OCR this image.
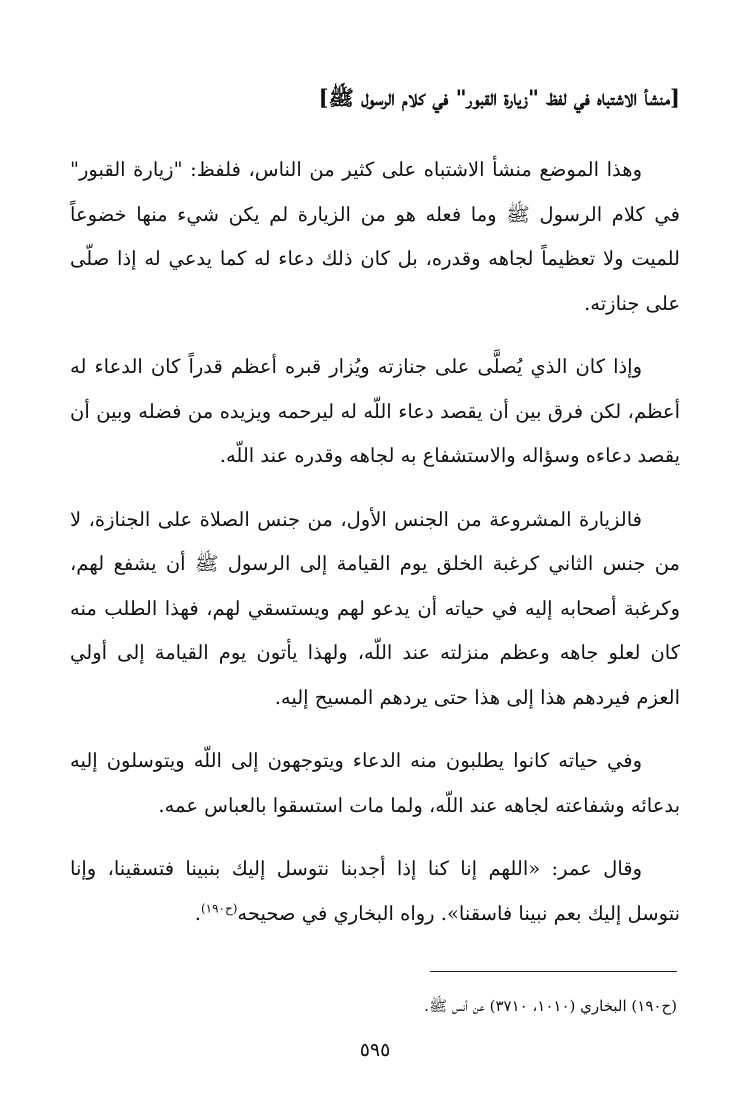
[منشأ الاشتباه في لفظ "زيارة القبور" في كلام الرسول ﷺ]

وهذا الموضع منشأ الاشتباه على كثير من الناس، فلفظ: "زيارة القبور" في كلام الرسول ﷺ وما فعله هو من الزيارة لم يكن شيء منها خضوعاً للميت ولا تعظيماً لجاهه وقدره، بل كان ذلك دعاء له كما يدعي له إذا صلّى على جنازته.

وإذا كان الذي يُصلَّى على جنازته ويُزار قبره أعظم قدراً كان الدعاء له أعظم، لكن فرق بين أن يقصد دعاء اللّه له ليرحمه ويزيده من فضله وبين أن يقصد دعاءه وسؤاله والاستشفاع به لجاهه وقدره عند اللّه.

فالزيارة المشروعة من الجنس الأول، من جنس الصلاة على الجنازة، لا من جنس الثاني كرغبة الخلق يوم القيامة إلى الرسول ﷺ أن يشفع لهم، وكرغبة أصحابه إليه في حياته أن يدعو لهم ويستسقي لهم، فهذا الطلب منه كان لعلو جاهه وعظم منزلته عند اللّه، ولهذا يأتون يوم القيامة إلى أولي العزم فيردهم هذا إلى هذا حتى يردهم المسيح إليه.

وفي حياته كانوا يطلبون منه الدعاء ويتوجهون إلى اللّه ويتوسلون إليه بدعائه وشفاعته لجاهه عند اللّه، ولما مات استسقوا بالعباس عمه.

وقال عمر: «اللهم إنا كنا إذا أجدبنا نتوسل إليك بنبينا فتسقينا، وإنا نتوسل إليك بعم نبينا فاسقنا». رواه البخاري في صحيحه$^{(ح١٩٠)}$.

(ح١٩٠) البخاري (١٠١٠، ٣٧١٠) عن أنس ﷺ.
٥٩٥
